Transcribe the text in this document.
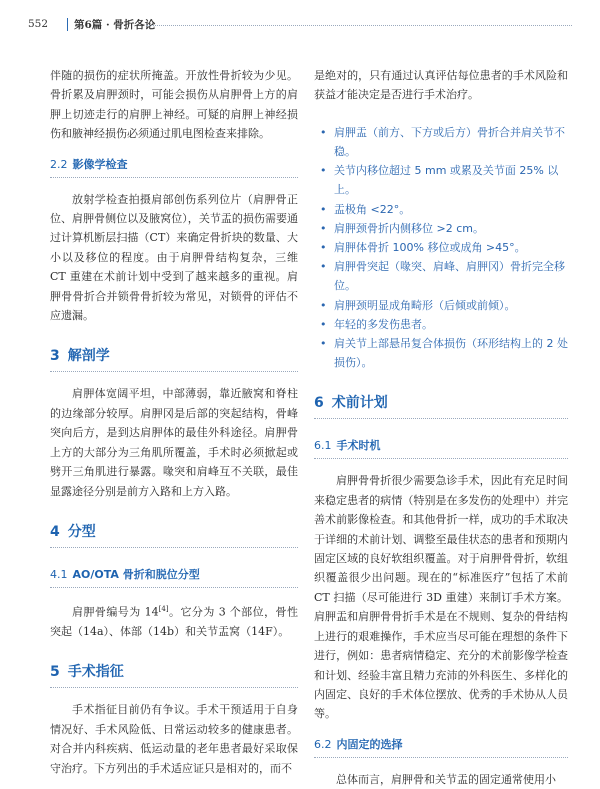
552 第6篇 · 骨折各论

伴随的损伤的症状所掩盖。开放性骨折较为少见。骨折累及肩胛颈时，可能会损伤从肩胛骨上方的肩胛上切迹走行的肩胛上神经。可疑的肩胛上神经损伤和腋神经损伤必须通过肌电图检查来排除。

2.2 影像学检查

放射学检查拍摄肩部创伤系列位片（肩胛骨正位、肩胛骨侧位以及腋窝位），关节盂的损伤需要通过计算机断层扫描（CT）来确定骨折块的数量、大小以及移位的程度。由于肩胛骨结构复杂，三维 CT 重建在术前计划中受到了越来越多的重视。肩胛骨骨折合并锁骨骨折较为常见，对锁骨的评估不应遗漏。

3 解剖学

肩胛体宽阔平坦，中部薄弱，靠近腋窝和脊柱的边缘部分较厚。肩胛冈是后部的突起结构，骨峰突向后方，是到达肩胛体的最佳外科途径。肩胛骨上方的大部分为三角肌所覆盖，手术时必须掀起或劈开三角肌进行暴露。喙突和肩峰互不关联，最佳显露途径分别是前方入路和上方入路。

4 分型
4.1 AO/OTA 骨折和脱位分型

肩胛骨编号为 14[4]。它分为 3 个部位，骨性突起（14a）、体部（14b）和关节盂窝（14F）。

5 手术指征

手术指征目前仍有争议。手术干预适用于自身情况好、手术风险低、日常运动较多的健康患者。对合并内科疾病、低运动量的老年患者最好采取保守治疗。下方列出的手术适应证只是相对的，而不

是绝对的，只有通过认真评估每位患者的手术风险和获益才能决定是否进行手术治疗。

• 肩胛盂（前方、下方或后方）骨折合并肩关节不稳。
• 关节内移位超过 5 mm 或累及关节面 25% 以上。
• 盂极角 <22°。
• 肩胛颈骨折内侧移位 >2 cm。
• 肩胛体骨折 100% 移位或成角 >45°。
• 肩胛骨突起（喙突、肩峰、肩胛冈）骨折完全移位。
• 肩胛颈明显成角畸形（后倾或前倾）。
• 年轻的多发伤患者。
• 肩关节上部悬吊复合体损伤（环形结构上的 2 处损伤）。
6 术前计划
6.1 手术时机

肩胛骨骨折很少需要急诊手术，因此有充足时间来稳定患者的病情（特别是在多发伤的处理中）并完善术前影像检查。和其他骨折一样，成功的手术取决于详细的术前计划、调整至最佳状态的患者和预期内固定区域的良好软组织覆盖。对于肩胛骨骨折，软组织覆盖很少出问题。现在的“标准医疗”包括了术前 CT 扫描（尽可能进行 3D 重建）来制订手术方案。肩胛盂和肩胛骨骨折手术是在不规则、复杂的骨结构上进行的艰难操作，手术应当尽可能在理想的条件下进行，例如：患者病情稳定、充分的术前影像学检查和计划、经验丰富且精力充沛的外科医生、多样化的内固定、良好的手术体位摆放、优秀的手术协从人员等。

6.2 内固定的选择

总体而言，肩胛骨和关节盂的固定通常使用小
